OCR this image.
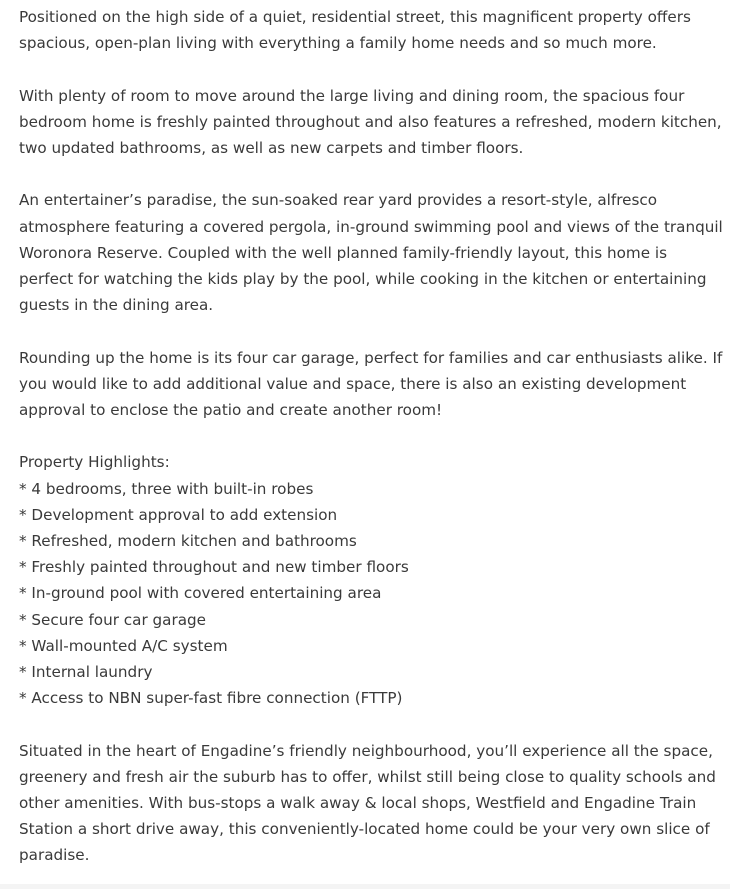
Positioned on the high side of a quiet, residential street, this magnificent property offers spacious, open-plan living with everything a family home needs and so much more.

With plenty of room to move around the large living and dining room, the spacious four bedroom home is freshly painted throughout and also features a refreshed, modern kitchen, two updated bathrooms, as well as new carpets and timber floors.

An entertainer’s paradise, the sun-soaked rear yard provides a resort-style, alfresco atmosphere featuring a covered pergola, in-ground swimming pool and views of the tranquil Woronora Reserve. Coupled with the well planned family-friendly layout, this home is perfect for watching the kids play by the pool, while cooking in the kitchen or entertaining guests in the dining area.

Rounding up the home is its four car garage, perfect for families and car enthusiasts alike. If you would like to add additional value and space, there is also an existing development approval to enclose the patio and create another room!

Property Highlights:
* 4 bedrooms, three with built-in robes
* Development approval to add extension
* Refreshed, modern kitchen and bathrooms
* Freshly painted throughout and new timber floors
* In-ground pool with covered entertaining area
* Secure four car garage
* Wall-mounted A/C system
* Internal laundry
* Access to NBN super-fast fibre connection (FTTP)

Situated in the heart of Engadine’s friendly neighbourhood, you’ll experience all the space, greenery and fresh air the suburb has to offer, whilst still being close to quality schools and other amenities. With bus-stops a walk away & local shops, Westfield and Engadine Train Station a short drive away, this conveniently-located home could be your very own slice of paradise.
